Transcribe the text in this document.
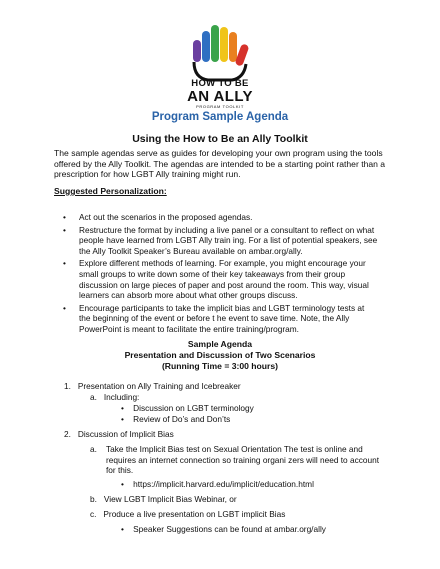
HOW TO BE
AN ALLY
PROGRAM TOOLKIT
Program Sample Agenda
Using the How to Be an Ally Toolkit
The sample agendas serve as guides for developing your own program using the tools
offered by the Ally Toolkit. The agendas are intended to be a starting point rather than a
prescription for how LGBT Ally training might run.
Suggested Personalization:
• Act out the scenarios in the proposed agendas.
• Restructure the format by including a live panel or a consultant to reflect on what
people have learned from LGBT Ally train ing. For a list of potential speakers, see
the Ally Toolkit Speaker’s Bureau available on ambar.org/ally.
• Explore different methods of learning. For example, you might encourage your
small groups to write down some of their key takeaways from their group
discussion on large pieces of paper and post around the room. This way, visual
learners can absorb more about what other groups discuss.
• Encourage participants to take the implicit bias and LGBT terminology tests at
the beginning of the event or before t he event to save time. Note, the Ally
PowerPoint is meant to facilitate the entire training/program.
Sample Agenda
Presentation and Discussion of Two Scenarios
(Running Time = 3:00 hours)
1. Presentation on Ally Training and Icebreaker
a. Including:
• Discussion on LGBT terminology
• Review of Do’s and Don’ts
2. Discussion of Implicit Bias
a. Take the Implicit Bias test on Sexual Orientation The test is online and
requires an internet connection so training organi zers will need to account
for this.
• https://implicit.harvard.edu/implicit/education.html
b. View LGBT Implicit Bias Webinar, or
c. Produce a live presentation on LGBT implicit Bias
• Speaker Suggestions can be found at ambar.org/ally
